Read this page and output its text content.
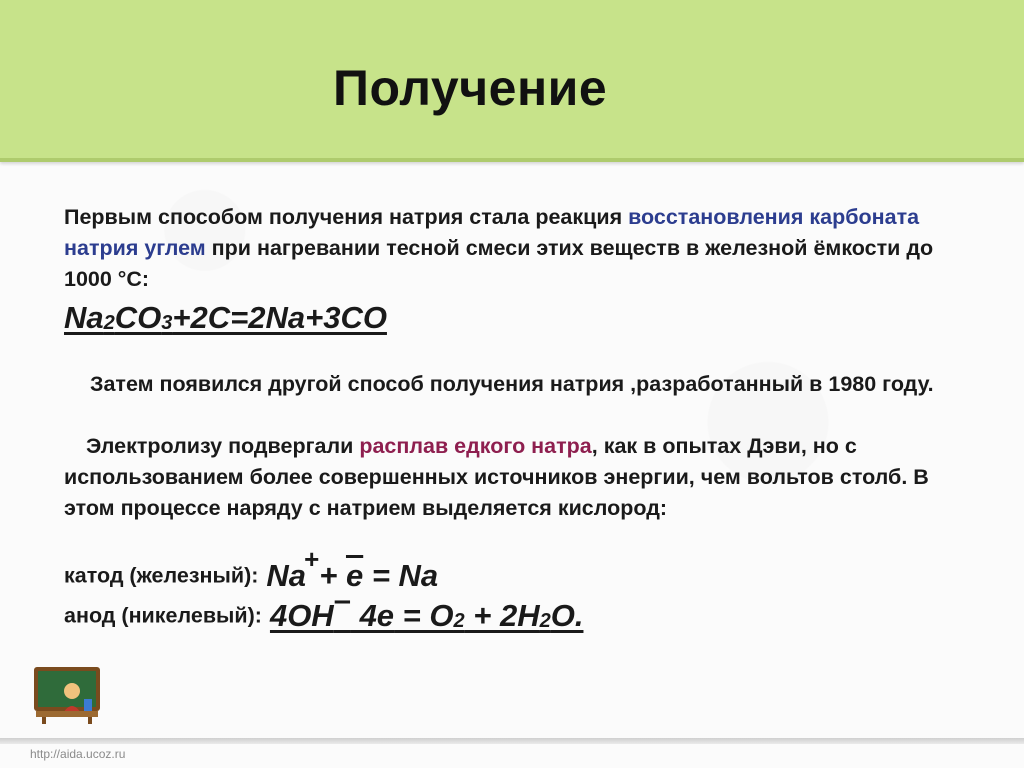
Получение
Первым способом получения натрия стала реакция восстановления карбоната натрия углем при нагревании тесной смеси этих веществ в железной ёмкости до 1000 °С:
Na2CO3+2C=2Na+3CO
Затем появился другой способ получения натрия ,разработанный в 1980 году.
Электролизу подвергали расплав едкого натра, как в опытах Дэви, но с использованием более совершенных источников энергии, чем вольтов столб. В этом процессе наряду с натрием выделяется кислород:
катод (железный): Na++ е = Na
анод (никелевый): 4OH– 4е = O2 + 2H2O.
http://aida.ucoz.ru
